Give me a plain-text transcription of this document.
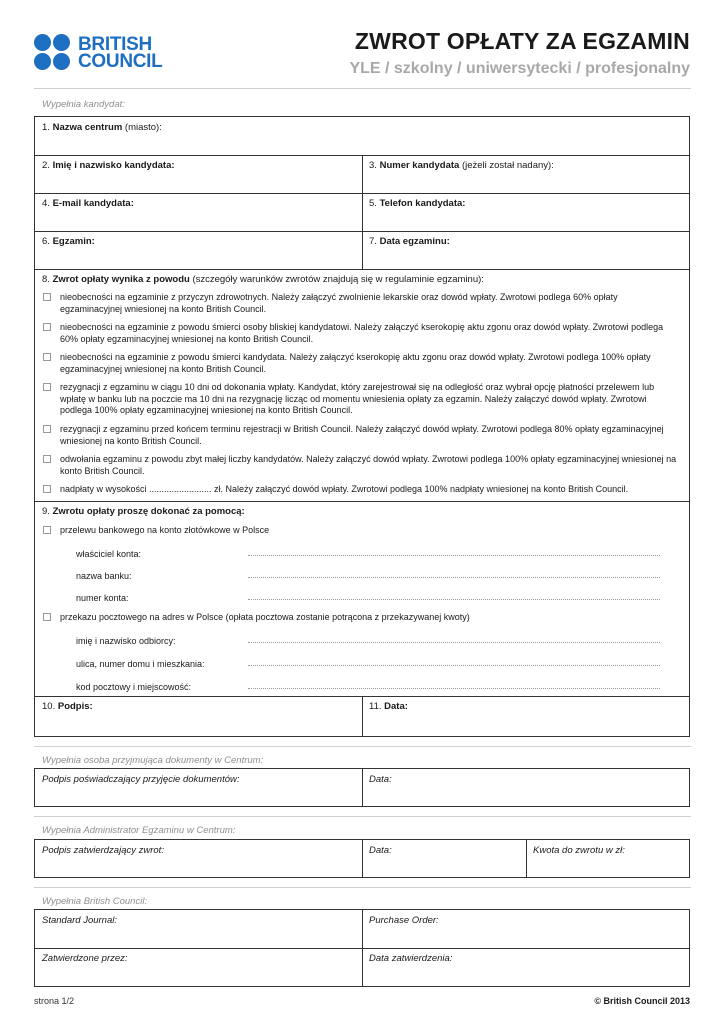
BRITISH
COUNCIL
ZWROT OPŁATY ZA EGZAMIN
YLE / szkolny / uniwersytecki / profesjonalny
Wypełnia kandydat:
1. Nazwa centrum (miasto):
2. Imię i nazwisko kandydata:	3. Numer kandydata (jeżeli został nadany):
4. E-mail kandydata:	5. Telefon kandydata:
6. Egzamin:	7. Data egzaminu:
8. Zwrot opłaty wynika z powodu (szczegóły warunków zwrotów znajdują się w regulaminie egzaminu):
nieobecności na egzaminie z przyczyn zdrowotnych. Należy załączyć zwolnienie lekarskie oraz dowód wpłaty. Zwrotowi podlega 60% opłaty egzaminacyjnej wniesionej na konto British Council.
nieobecności na egzaminie z powodu śmierci osoby bliskiej kandydatowi. Należy załączyć kserokopię aktu zgonu oraz dowód wpłaty. Zwrotowi podlega 60% opłaty egzaminacyjnej wniesionej na konto British Council.
nieobecności na egzaminie z powodu śmierci kandydata. Należy załączyć kserokopię aktu zgonu oraz dowód wpłaty. Zwrotowi podlega 100% opłaty egzaminacyjnej wniesionej na konto British Council.
rezygnacji z egzaminu w ciągu 10 dni od dokonania wpłaty. Kandydat, który zarejestrował się na odległość oraz wybrał opcję płatności przelewem lub wpłatę w banku lub na poczcie ma 10 dni na rezygnację licząc od momentu wniesienia opłaty za egzamin. Należy załączyć dowód wpłaty. Zwrotowi podlega 100% opłaty egzaminacyjnej wniesionej na konto British Council.
rezygnacji z egzaminu przed końcem terminu rejestracji w British Council. Należy załączyć dowód wpłaty. Zwrotowi podlega 80% opłaty egzaminacyjnej wniesionej na konto British Council.
odwołania egzaminu z powodu zbyt małej liczby kandydatów. Należy załączyć dowód wpłaty. Zwrotowi podlega 100% opłaty egzaminacyjnej wniesionej na konto British Council.
nadpłaty w wysokości ......................... zł. Należy załączyć dowód wpłaty. Zwrotowi podlega 100% nadpłaty wniesionej na konto British Council.
9. Zwrotu opłaty proszę dokonać za pomocą:
przelewu bankowego na konto złotówkowe w Polsce
właściciel konta:
nazwa banku:
numer konta:
przekazu pocztowego na adres w Polsce (opłata pocztowa zostanie potrącona z przekazywanej kwoty)
imię i nazwisko odbiorcy:
ulica, numer domu i mieszkania:
kod pocztowy i miejscowość:
10. Podpis:	11. Data:
Wypełnia osoba przyjmująca dokumenty w Centrum:
Podpis poświadczający przyjęcie dokumentów:	Data:
Wypełnia Administrator Egzaminu w Centrum:
Podpis zatwierdzający zwrot:	Data:	Kwota do zwrotu w zł:
Wypełnia British Council:
Standard Journal:	Purchase Order:
Zatwierdzone przez:	Data zatwierdzenia:
strona 1/2	© British Council 2013
